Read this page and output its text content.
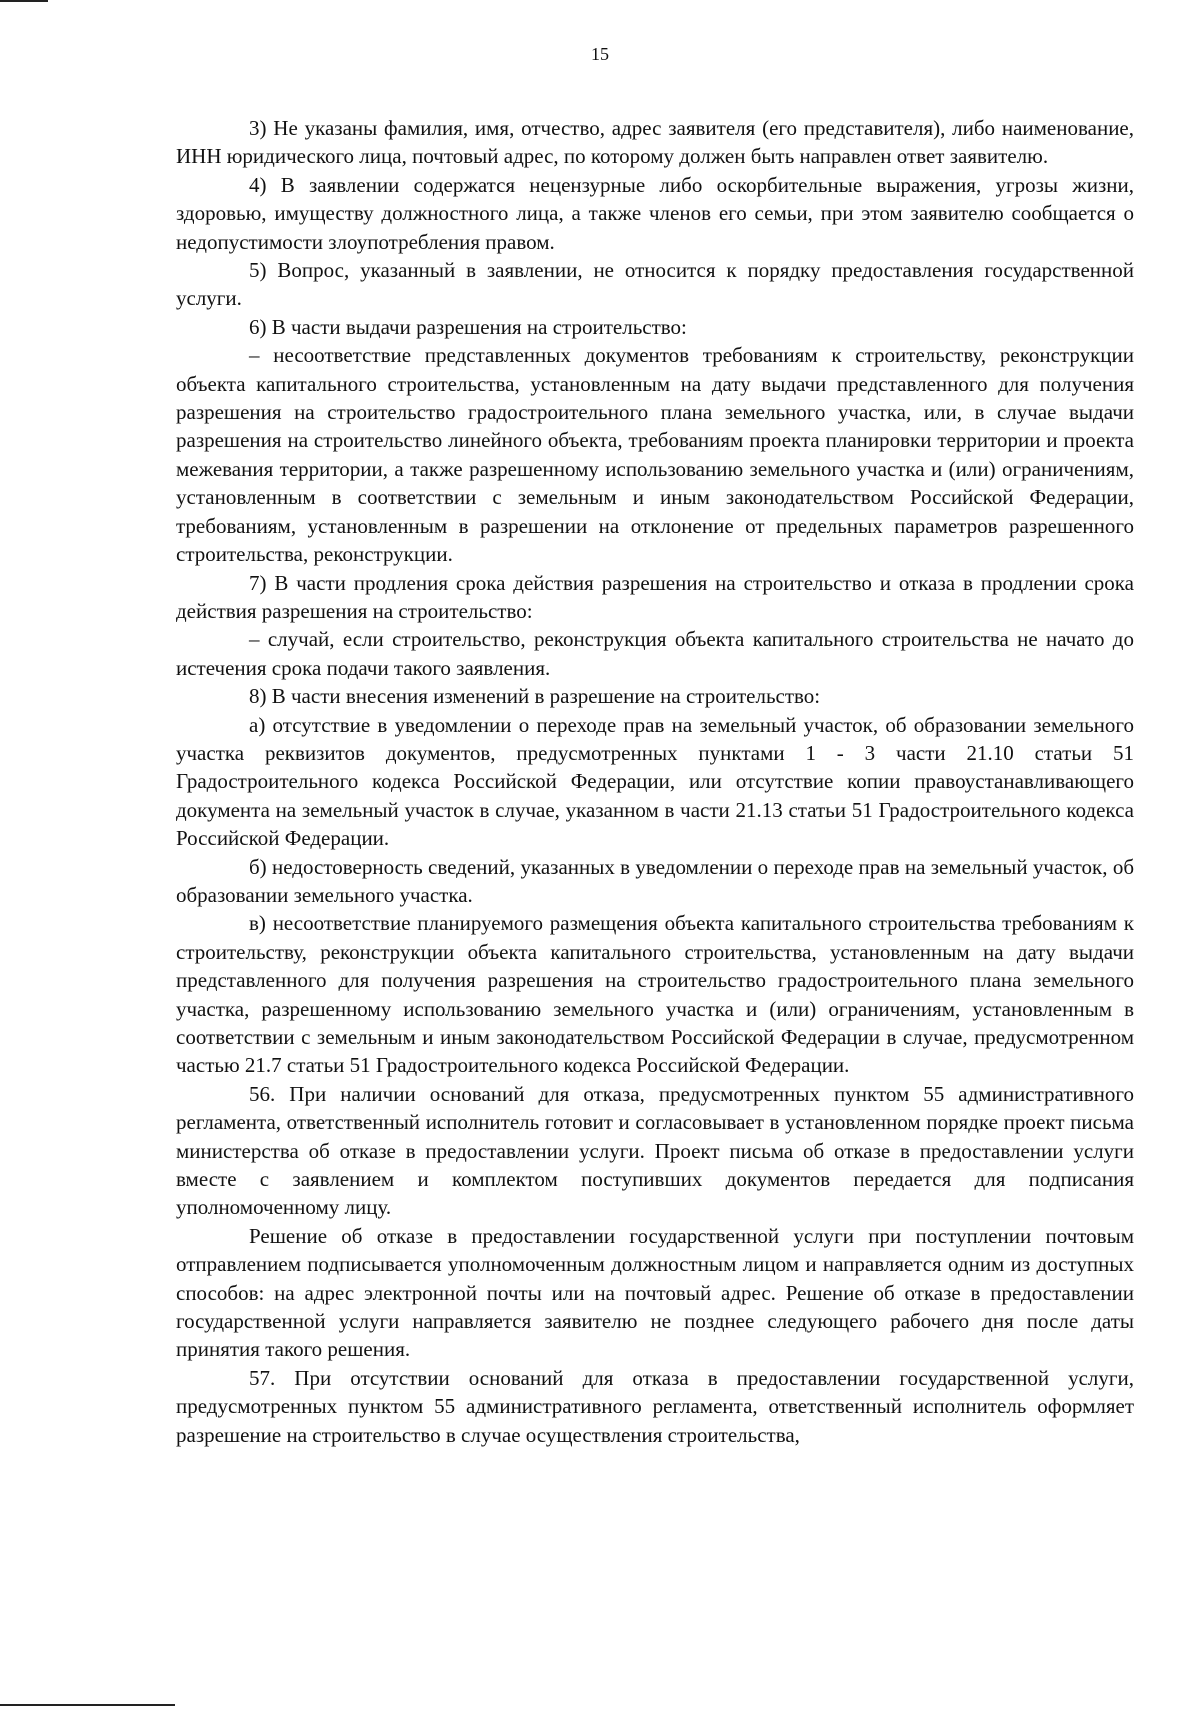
15

3) Не указаны фамилия, имя, отчество, адрес заявителя (его представителя), либо наименование, ИНН юридического лица, почтовый адрес, по которому должен быть направлен ответ заявителю.

4) В заявлении содержатся нецензурные либо оскорбительные выражения, угрозы жизни, здоровью, имуществу должностного лица, а также членов его семьи, при этом заявителю сообщается о недопустимости злоупотребления правом.

5) Вопрос, указанный в заявлении, не относится к порядку предоставления государственной услуги.

6) В части выдачи разрешения на строительство:

– несоответствие представленных документов требованиям к строительству, реконструкции объекта капитального строительства, установленным на дату выдачи представленного для получения разрешения на строительство градостроительного плана земельного участка, или, в случае выдачи разрешения на строительство линейного объекта, требованиям проекта планировки территории и проекта межевания территории, а также разрешенному использованию земельного участка и (или) ограничениям, установленным в соответствии с земельным и иным законодательством Российской Федерации, требованиям, установленным в разрешении на отклонение от предельных параметров разрешенного строительства, реконструкции.

7) В части продления срока действия разрешения на строительство и отказа в продлении срока действия разрешения на строительство:

– случай, если строительство, реконструкция объекта капитального строительства не начато до истечения срока подачи такого заявления.

8) В части внесения изменений в разрешение на строительство:

а) отсутствие в уведомлении о переходе прав на земельный участок, об образовании земельного участка реквизитов документов, предусмотренных пунктами 1 - 3 части 21.10 статьи 51 Градостроительного кодекса Российской Федерации, или отсутствие копии правоустанавливающего документа на земельный участок в случае, указанном в части 21.13 статьи 51 Градостроительного кодекса Российской Федерации.

б) недостоверность сведений, указанных в уведомлении о переходе прав на земельный участок, об образовании земельного участка.

в) несоответствие планируемого размещения объекта капитального строительства требованиям к строительству, реконструкции объекта капитального строительства, установленным на дату выдачи представленного для получения разрешения на строительство градостроительного плана земельного участка, разрешенному использованию земельного участка и (или) ограничениям, установленным в соответствии с земельным и иным законодательством Российской Федерации в случае, предусмотренном частью 21.7 статьи 51 Градостроительного кодекса Российской Федерации.

56. При наличии оснований для отказа, предусмотренных пунктом 55 административного регламента, ответственный исполнитель готовит и согласовывает в установленном порядке проект письма министерства об отказе в предоставлении услуги. Проект письма об отказе в предоставлении услуги вместе с заявлением и комплектом поступивших документов передается для подписания уполномоченному лицу.

Решение об отказе в предоставлении государственной услуги при поступлении почтовым отправлением подписывается уполномоченным должностным лицом и направляется одним из доступных способов: на адрес электронной почты или на почтовый адрес. Решение об отказе в предоставлении государственной услуги направляется заявителю не позднее следующего рабочего дня после даты принятия такого решения.

57. При отсутствии оснований для отказа в предоставлении государственной услуги, предусмотренных пунктом 55 административного регламента, ответственный исполнитель оформляет разрешение на строительство в случае осуществления строительства,
